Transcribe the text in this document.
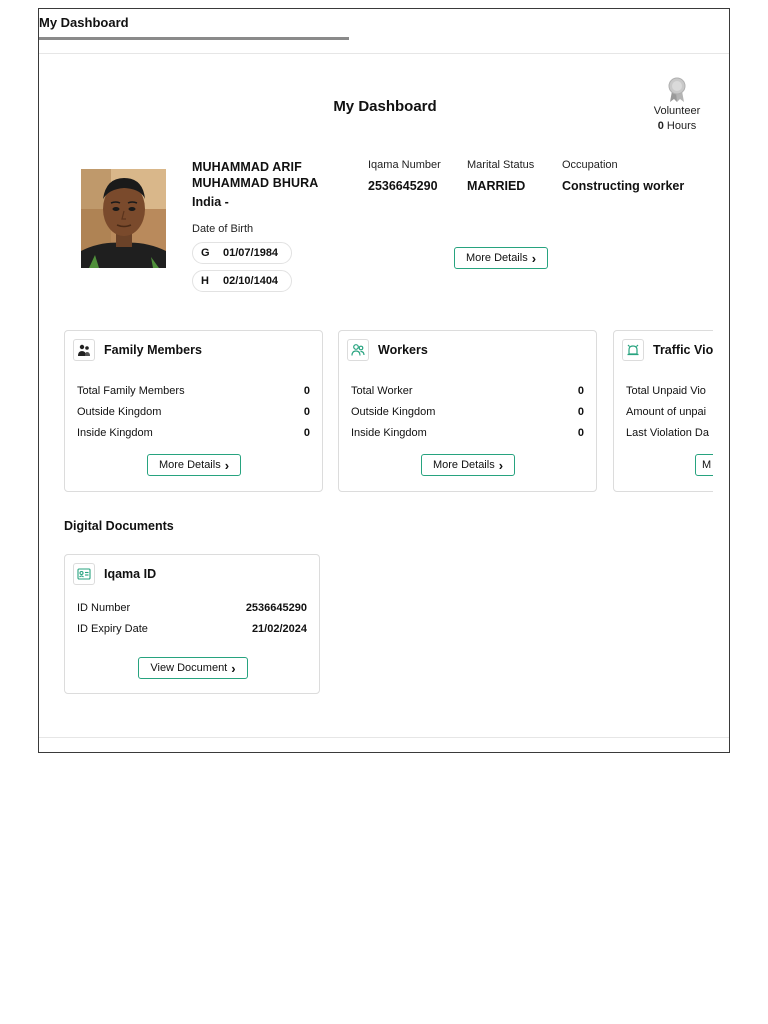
My Dashboard
My Dashboard	Volunteer
0 Hours
MUHAMMAD ARIF MUHAMMAD BHURA
India -
Date of Birth
G	01/07/1984
H	02/10/1404
Iqama Number
2536645290
Marital Status
MARRIED
Occupation
Constructing worker
More Details ›
Family Members
Total Family Members	0
Outside Kingdom	0
Inside Kingdom	0
More Details ›
Workers
Total Worker	0
Outside Kingdom	0
Inside Kingdom	0
More Details ›
Traffic Vio
Total Unpaid Vio
Amount of unpai
Last Violation Da
M
Digital Documents
Iqama ID
ID Number	2536645290
ID Expiry Date	21/02/2024
View Document ›
